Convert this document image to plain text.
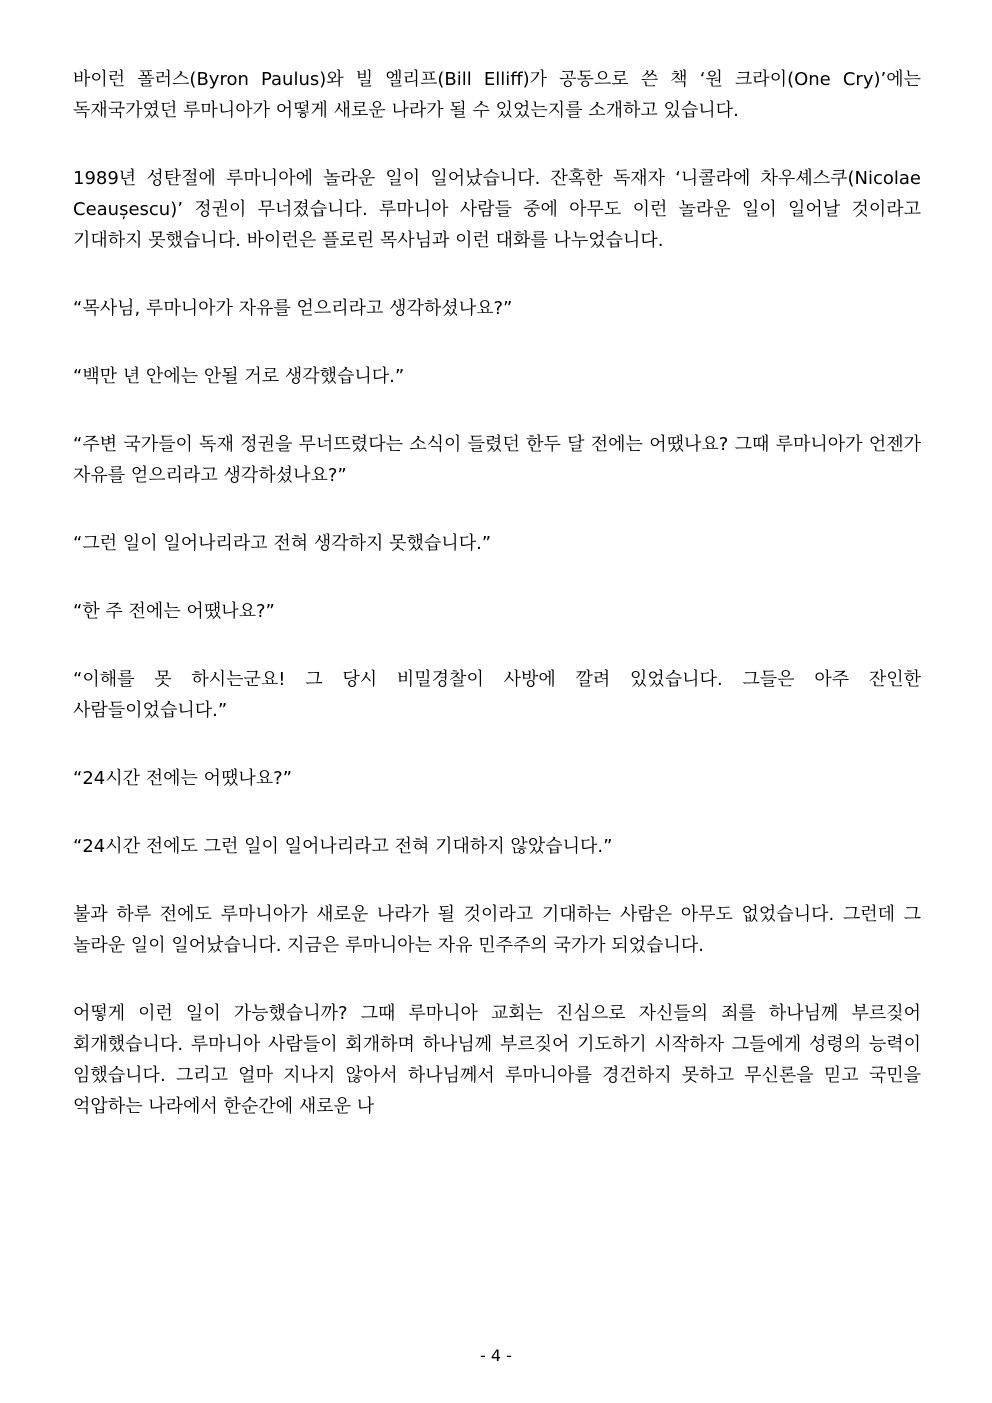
바이런 폴러스(Byron Paulus)와 빌 엘리프(Bill Elliff)가 공동으로 쓴 책 ‘원 크라이(One Cry)’에는 독재국가였던 루마니아가 어떻게 새로운 나라가 될 수 있었는지를 소개하고 있습니다.

1989년 성탄절에 루마니아에 놀라운 일이 일어났습니다. 잔혹한 독재자 ‘니콜라에 차우셰스쿠(Nicolae Ceaușescu)’ 정권이 무너졌습니다. 루마니아 사람들 중에 아무도 이런 놀라운 일이 일어날 것이라고 기대하지 못했습니다. 바이런은 플로린 목사님과 이런 대화를 나누었습니다.

“목사님, 루마니아가 자유를 얻으리라고 생각하셨나요?”

“백만 년 안에는 안될 거로 생각했습니다.”

“주변 국가들이 독재 정권을 무너뜨렸다는 소식이 들렸던 한두 달 전에는 어땠나요? 그때 루마니아가 언젠가 자유를 얻으리라고 생각하셨나요?”

“그런 일이 일어나리라고 전혀 생각하지 못했습니다.”

“한 주 전에는 어땠나요?”

“이해를 못 하시는군요! 그 당시 비밀경찰이 사방에 깔려 있었습니다. 그들은 아주 잔인한 사람들이었습니다.”

“24시간 전에는 어땠나요?”

“24시간 전에도 그런 일이 일어나리라고 전혀 기대하지 않았습니다.”

불과 하루 전에도 루마니아가 새로운 나라가 될 것이라고 기대하는 사람은 아무도 없었습니다. 그런데 그 놀라운 일이 일어났습니다. 지금은 루마니아는 자유 민주주의 국가가 되었습니다.

어떻게 이런 일이 가능했습니까? 그때 루마니아 교회는 진심으로 자신들의 죄를 하나님께 부르짖어 회개했습니다. 루마니아 사람들이 회개하며 하나님께 부르짖어 기도하기 시작하자 그들에게 성령의 능력이 임했습니다. 그리고 얼마 지나지 않아서 하나님께서 루마니아를 경건하지 못하고 무신론을 믿고 국민을 억압하는 나라에서 한순간에 새로운 나

- 4 -
